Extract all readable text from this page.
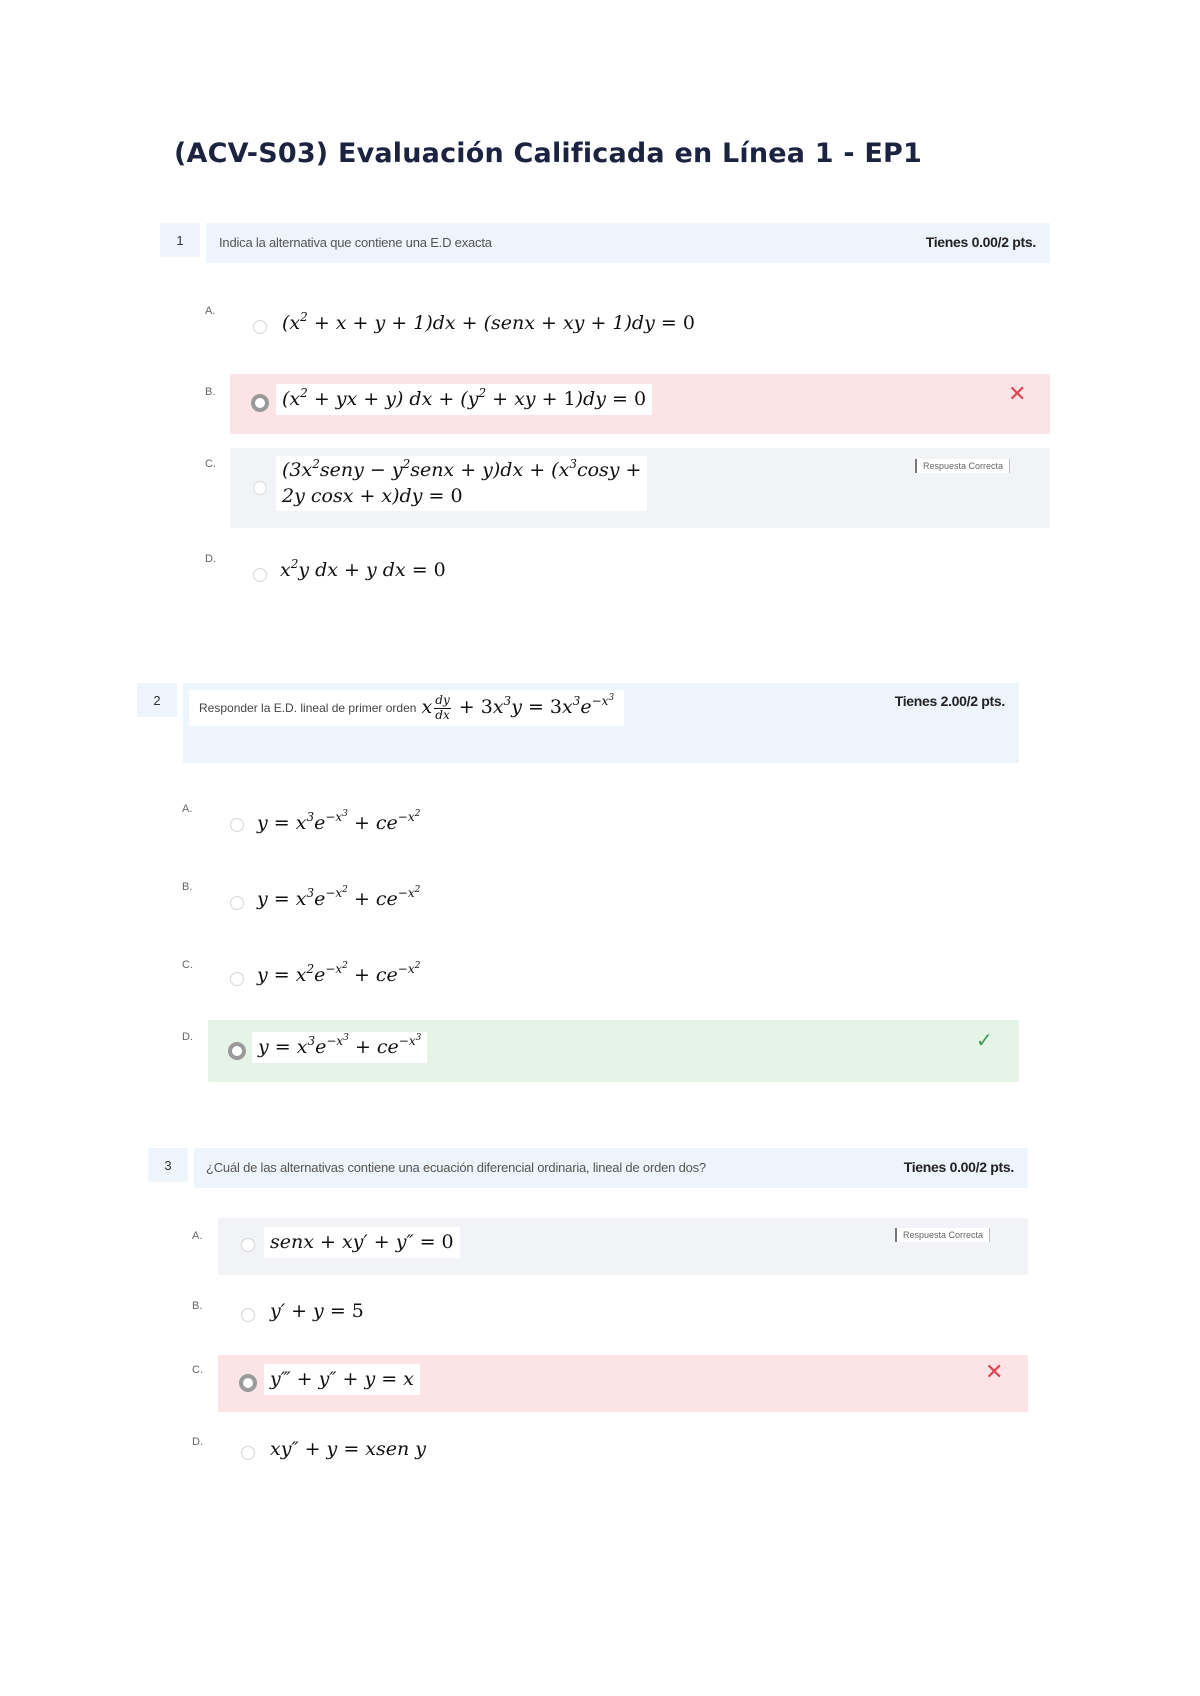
(ACV-S03) Evaluación Calificada en Línea 1 - EP1
1	Indica la alternativa que contiene una E.D exacta	Tienes 0.00/2 pts.
A.
$(x^2 + x + y + 1)dx$ + (senx + xy + 1)dy = 0
B.	($x^2$ + yx + y) dx + ($y^2$ + xy + 1)dy = 0	✕
C.	($3x^2seny$ − $y^2senx + y)dx + (x^3\cos y$ +
2y cosx + x)dy = 0
Respuesta Correcta
D.	$x^2y$ dx + y dx = 0
2	Tienes 2.00/2 pts.
Responder la E.D. lineal de primer orden x $\frac{dy}{dx} + 3x^3y = 3x^3e^{-x^3}$
A.
$y = x^3e^{-x^3} + ce^{-x^2}$
B.
$y = x^3e^{-x^2} + ce^{-x^2}$
C.	$y = x^2e^{-x^2} + ce^{-x^2}$
D.	$y = x^3e^{-x^3} + ce^{-x^3}$	✓
3	¿Cuál de las alternativas contiene una ecuación diferencial ordinaria, lineal de orden dos?	Tienes 0.00/2 pts.
A.	senx + xy′ + y″ = 0	Respuesta Correcta
B.	y′ + y = 5
C.	y‴ + y″ + y = x	✕
D.	xy″ + y = xsen y
